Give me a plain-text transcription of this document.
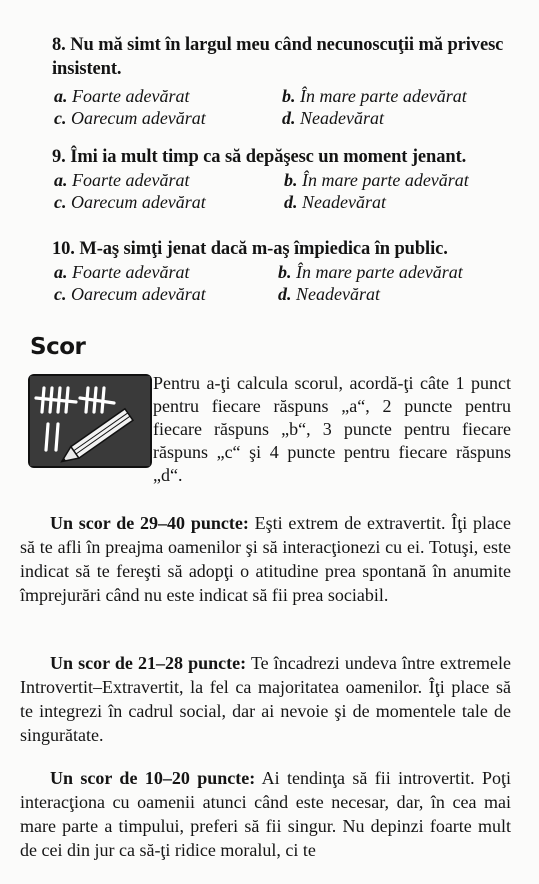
8. Nu mă simt în largul meu când necunoscuţii mă privesc insistent.
a. Foarte adevărat	b. În mare parte adevărat
c. Oarecum adevărat	d. Neadevărat
9. Îmi ia mult timp ca să depăşesc un moment jenant.
a. Foarte adevărat	b. În mare parte adevărat
c. Oarecum adevărat	d. Neadevărat
10. M-aş simţi jenat dacă m-aş împiedica în public.
a. Foarte adevărat	b. În mare parte adevărat
c. Oarecum adevărat	d. Neadevărat
Scor
Pentru a-ţi calcula scorul, acordă-ţi câte 1 punct pentru fiecare răspuns „a“, 2 puncte pentru fiecare răspuns „b“, 3 puncte pentru fiecare răspuns „c“ şi 4 puncte pentru fiecare răspuns „d“.
Un scor de 29–40 puncte: Eşti extrem de extravertit. Îţi place să te afli în preajma oamenilor şi să interacţionezi cu ei. Totuşi, este indicat să te fereşti să adopţi o atitudine prea spontană în anumite împrejurări când nu este indicat să fii prea sociabil.
Un scor de 21–28 puncte: Te încadrezi undeva între extremele Introvertit–Extravertit, la fel ca majoritatea oamenilor. Îţi place să te integrezi în cadrul social, dar ai nevoie şi de momentele tale de singurătate.
Un scor de 10–20 puncte: Ai tendinţa să fii introvertit. Poţi interacţiona cu oamenii atunci când este necesar, dar, în cea mai mare parte a timpului, preferi să fii singur. Nu depinzi foarte mult de cei din jur ca să-ţi ridice moralul, ci te
